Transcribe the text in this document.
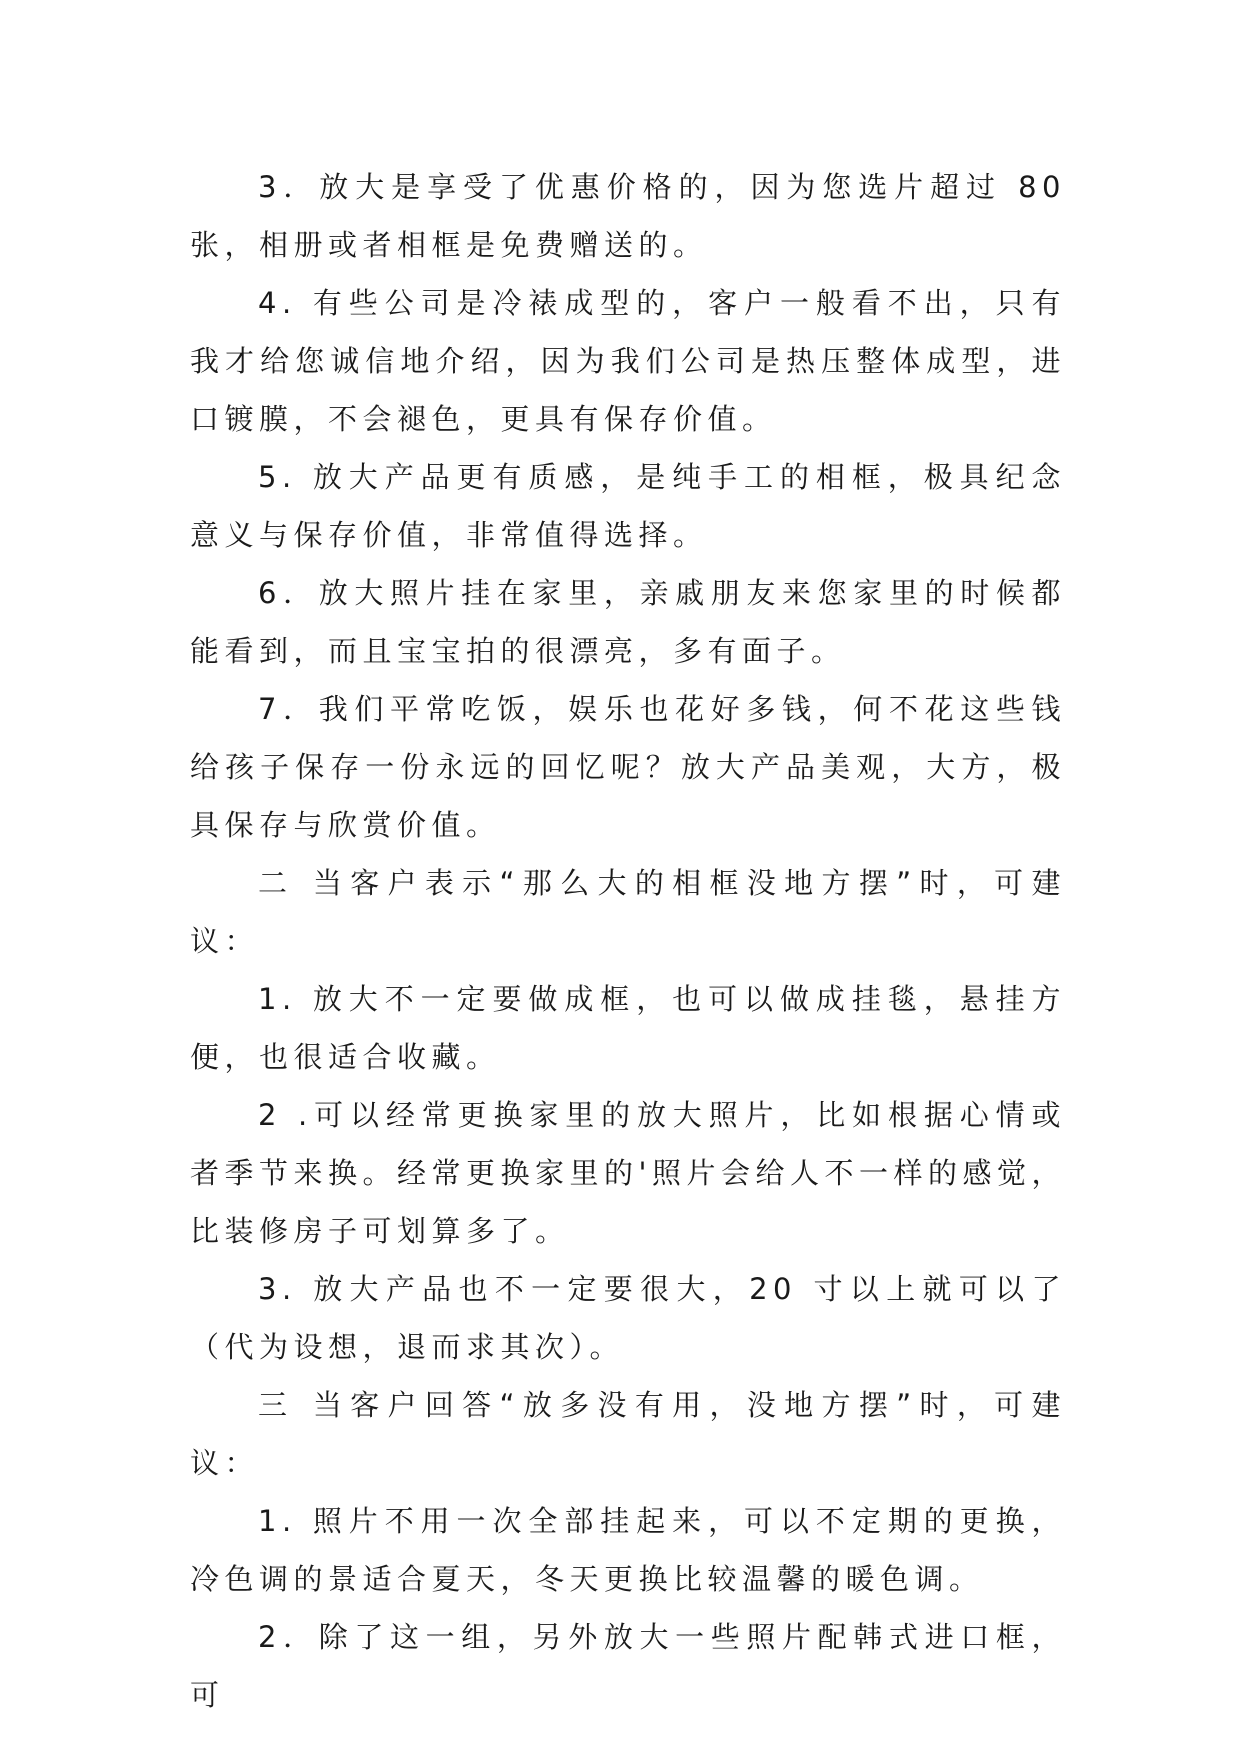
3．放大是享受了优惠价格的，因为您选片超过 80 张，相册或者相框是免费赠送的。

4. 有些公司是冷裱成型的，客户一般看不出，只有我才给您诚信地介绍，因为我们公司是热压整体成型，进口镀膜，不会褪色，更具有保存价值。

5. 放大产品更有质感，是纯手工的相框，极具纪念意义与保存价值，非常值得选择。

6．放大照片挂在家里，亲戚朋友来您家里的时候都能看到，而且宝宝拍的很漂亮，多有面子。

7．我们平常吃饭，娱乐也花好多钱，何不花这些钱给孩子保存一份永远的回忆呢？放大产品美观，大方，极具保存与欣赏价值。

二 当客户表示“那么大的相框没地方摆”时，可建议：

1. 放大不一定要做成框，也可以做成挂毯，悬挂方便，也很适合收藏。

2 .可以经常更换家里的放大照片，比如根据心情或者季节来换。经常更换家里的'照片会给人不一样的感觉，比装修房子可划算多了。

3. 放大产品也不一定要很大，20 寸以上就可以了（代为设想，退而求其次）。

三 当客户回答“放多没有用，没地方摆”时，可建议：

1. 照片不用一次全部挂起来，可以不定期的更换，冷色调的景适合夏天，冬天更换比较温馨的暖色调。

2．除了这一组，另外放大一些照片配韩式进口框，可
